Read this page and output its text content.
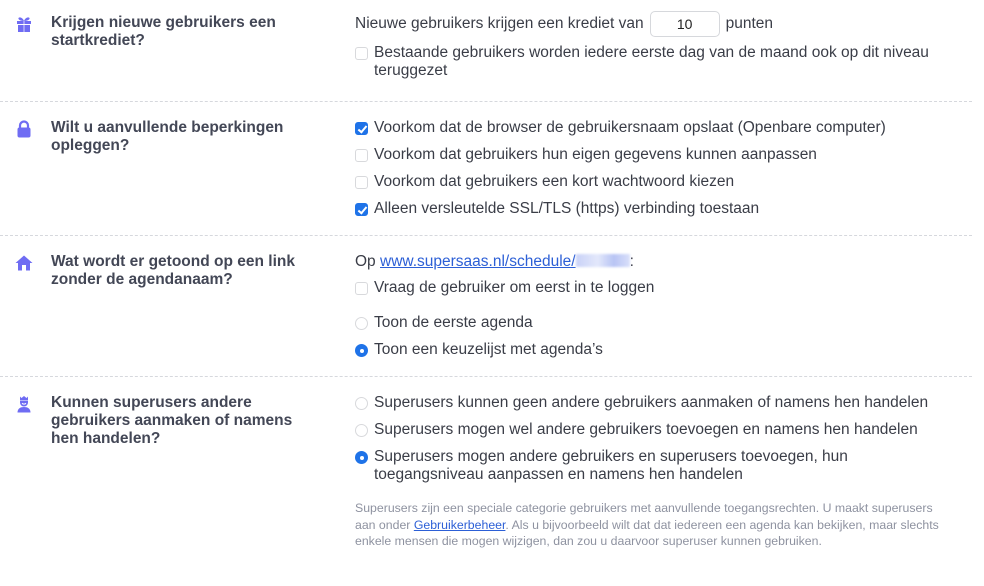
Krijgen nieuwe gebruikers een startkrediet?
Nieuwe gebruikers krijgen een krediet van
10	punten
Bestaande gebruikers worden iedere eerste dag van de maand ook op dit niveau teruggezet
Wilt u aanvullende beperkingen opleggen?
Voorkom dat de browser de gebruikersnaam opslaat (Openbare computer)
Voorkom dat gebruikers hun eigen gegevens kunnen aanpassen
Voorkom dat gebruikers een kort wachtwoord kiezen
Alleen versleutelde SSL/TLS (https) verbinding toestaan
Wat wordt er getoond op een link zonder de agendanaam?
Op www.supersaas.nl/schedule/	:
Vraag de gebruiker om eerst in te loggen
Toon de eerste agenda
Toon een keuzelijst met agenda’s
Kunnen superusers andere gebruikers aanmaken of namens hen handelen?
Superusers kunnen geen andere gebruikers aanmaken of namens hen handelen
Superusers mogen wel andere gebruikers toevoegen en namens hen handelen
Superusers mogen andere gebruikers en superusers toevoegen, hun toegangsniveau aanpassen en namens hen handelen
Superusers zijn een speciale categorie gebruikers met aanvullende toegangsrechten. U maakt superusers aan onder Gebruikerbeheer. Als u bijvoorbeeld wilt dat dat iedereen een agenda kan bekijken, maar slechts enkele mensen die mogen wijzigen, dan zou u daarvoor superuser kunnen gebruiken.
